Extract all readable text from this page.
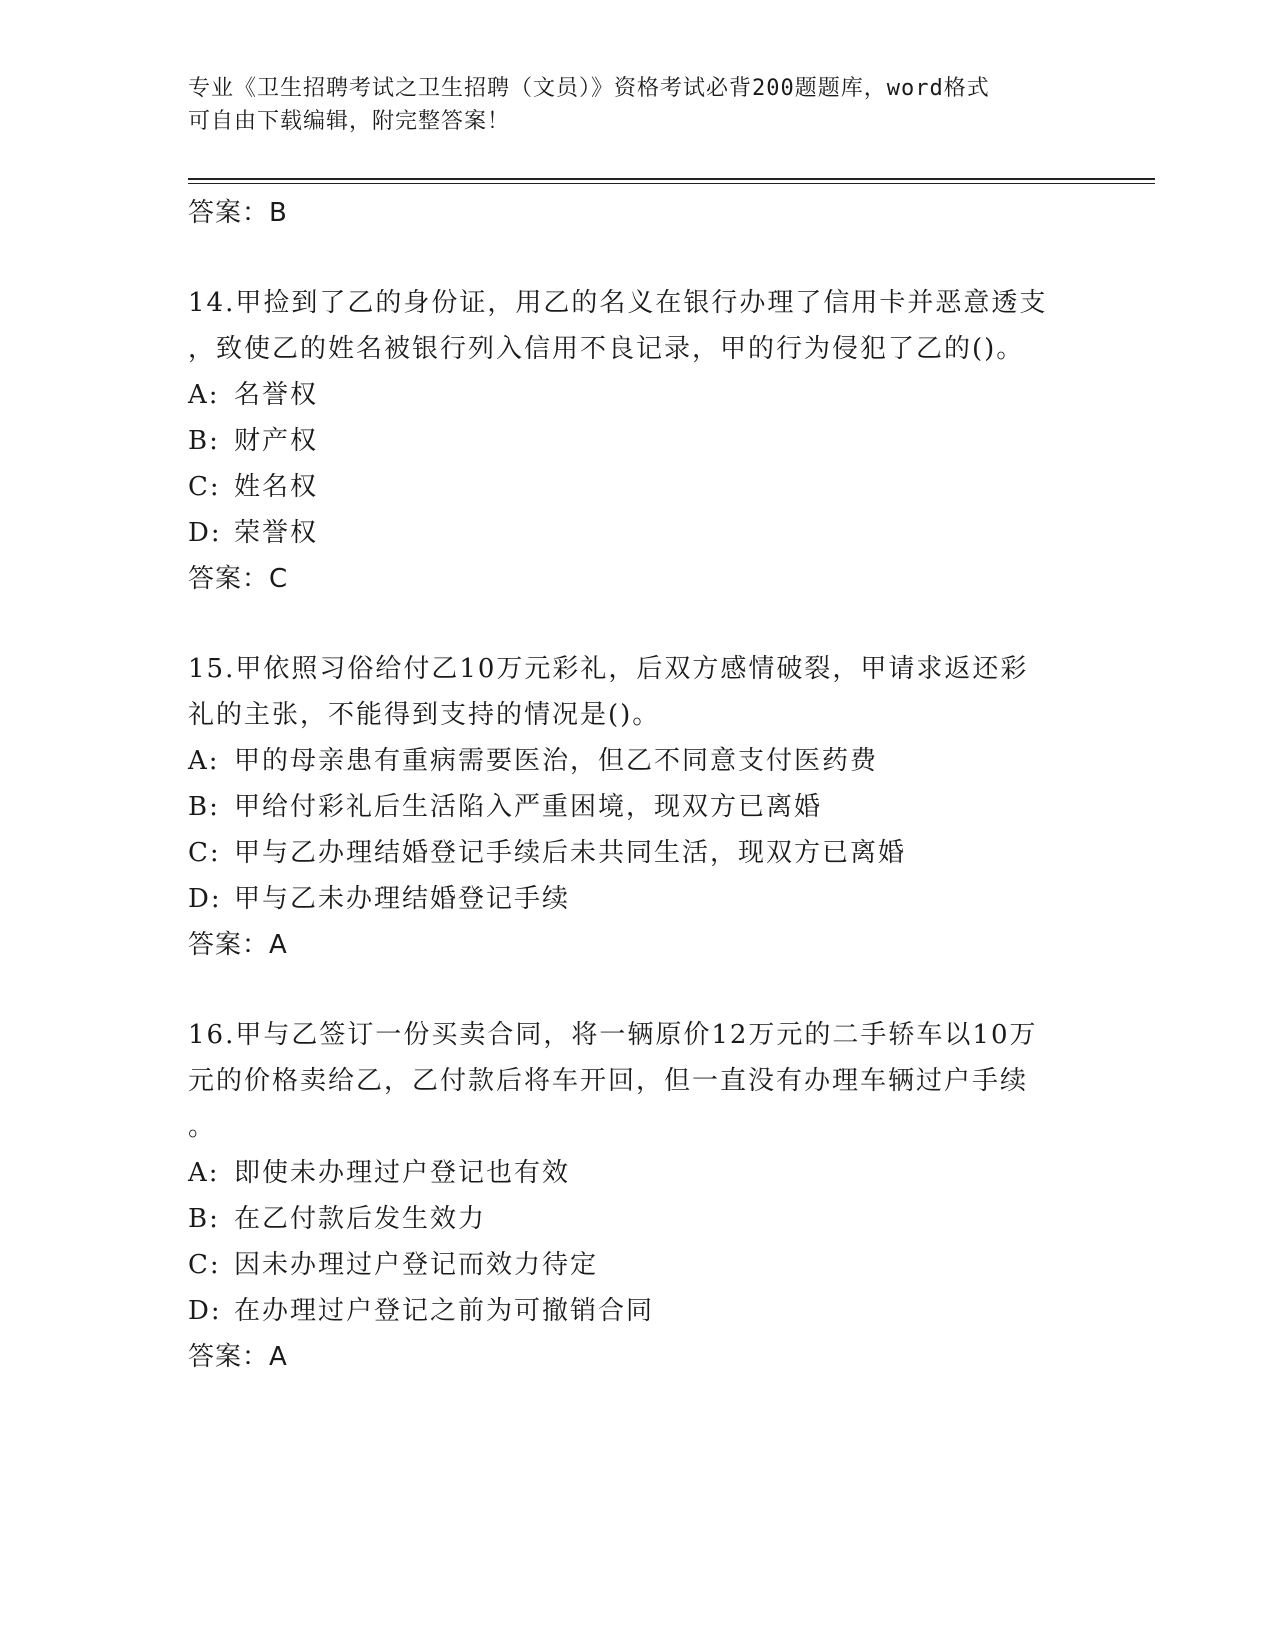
专业《卫生招聘考试之卫生招聘（文员）》资格考试必背200题题库，word格式
可自由下载编辑，附完整答案！
答案：B
14.甲捡到了乙的身份证，用乙的名义在银行办理了信用卡并恶意透支
，致使乙的姓名被银行列入信用不良记录，甲的行为侵犯了乙的()。
A: 名誉权
B: 财产权
C: 姓名权
D: 荣誉权
答案：C
15.甲依照习俗给付乙10万元彩礼，后双方感情破裂，甲请求返还彩
礼的主张，不能得到支持的情况是()。
A: 甲的母亲患有重病需要医治，但乙不同意支付医药费
B: 甲给付彩礼后生活陷入严重困境，现双方已离婚
C: 甲与乙办理结婚登记手续后未共同生活，现双方已离婚
D: 甲与乙未办理结婚登记手续
答案：A
16.甲与乙签订一份买卖合同，将一辆原价12万元的二手轿车以10万
元的价格卖给乙，乙付款后将车开回，但一直没有办理车辆过户手续
。
A: 即使未办理过户登记也有效
B: 在乙付款后发生效力
C: 因未办理过户登记而效力待定
D: 在办理过户登记之前为可撤销合同
答案：A
